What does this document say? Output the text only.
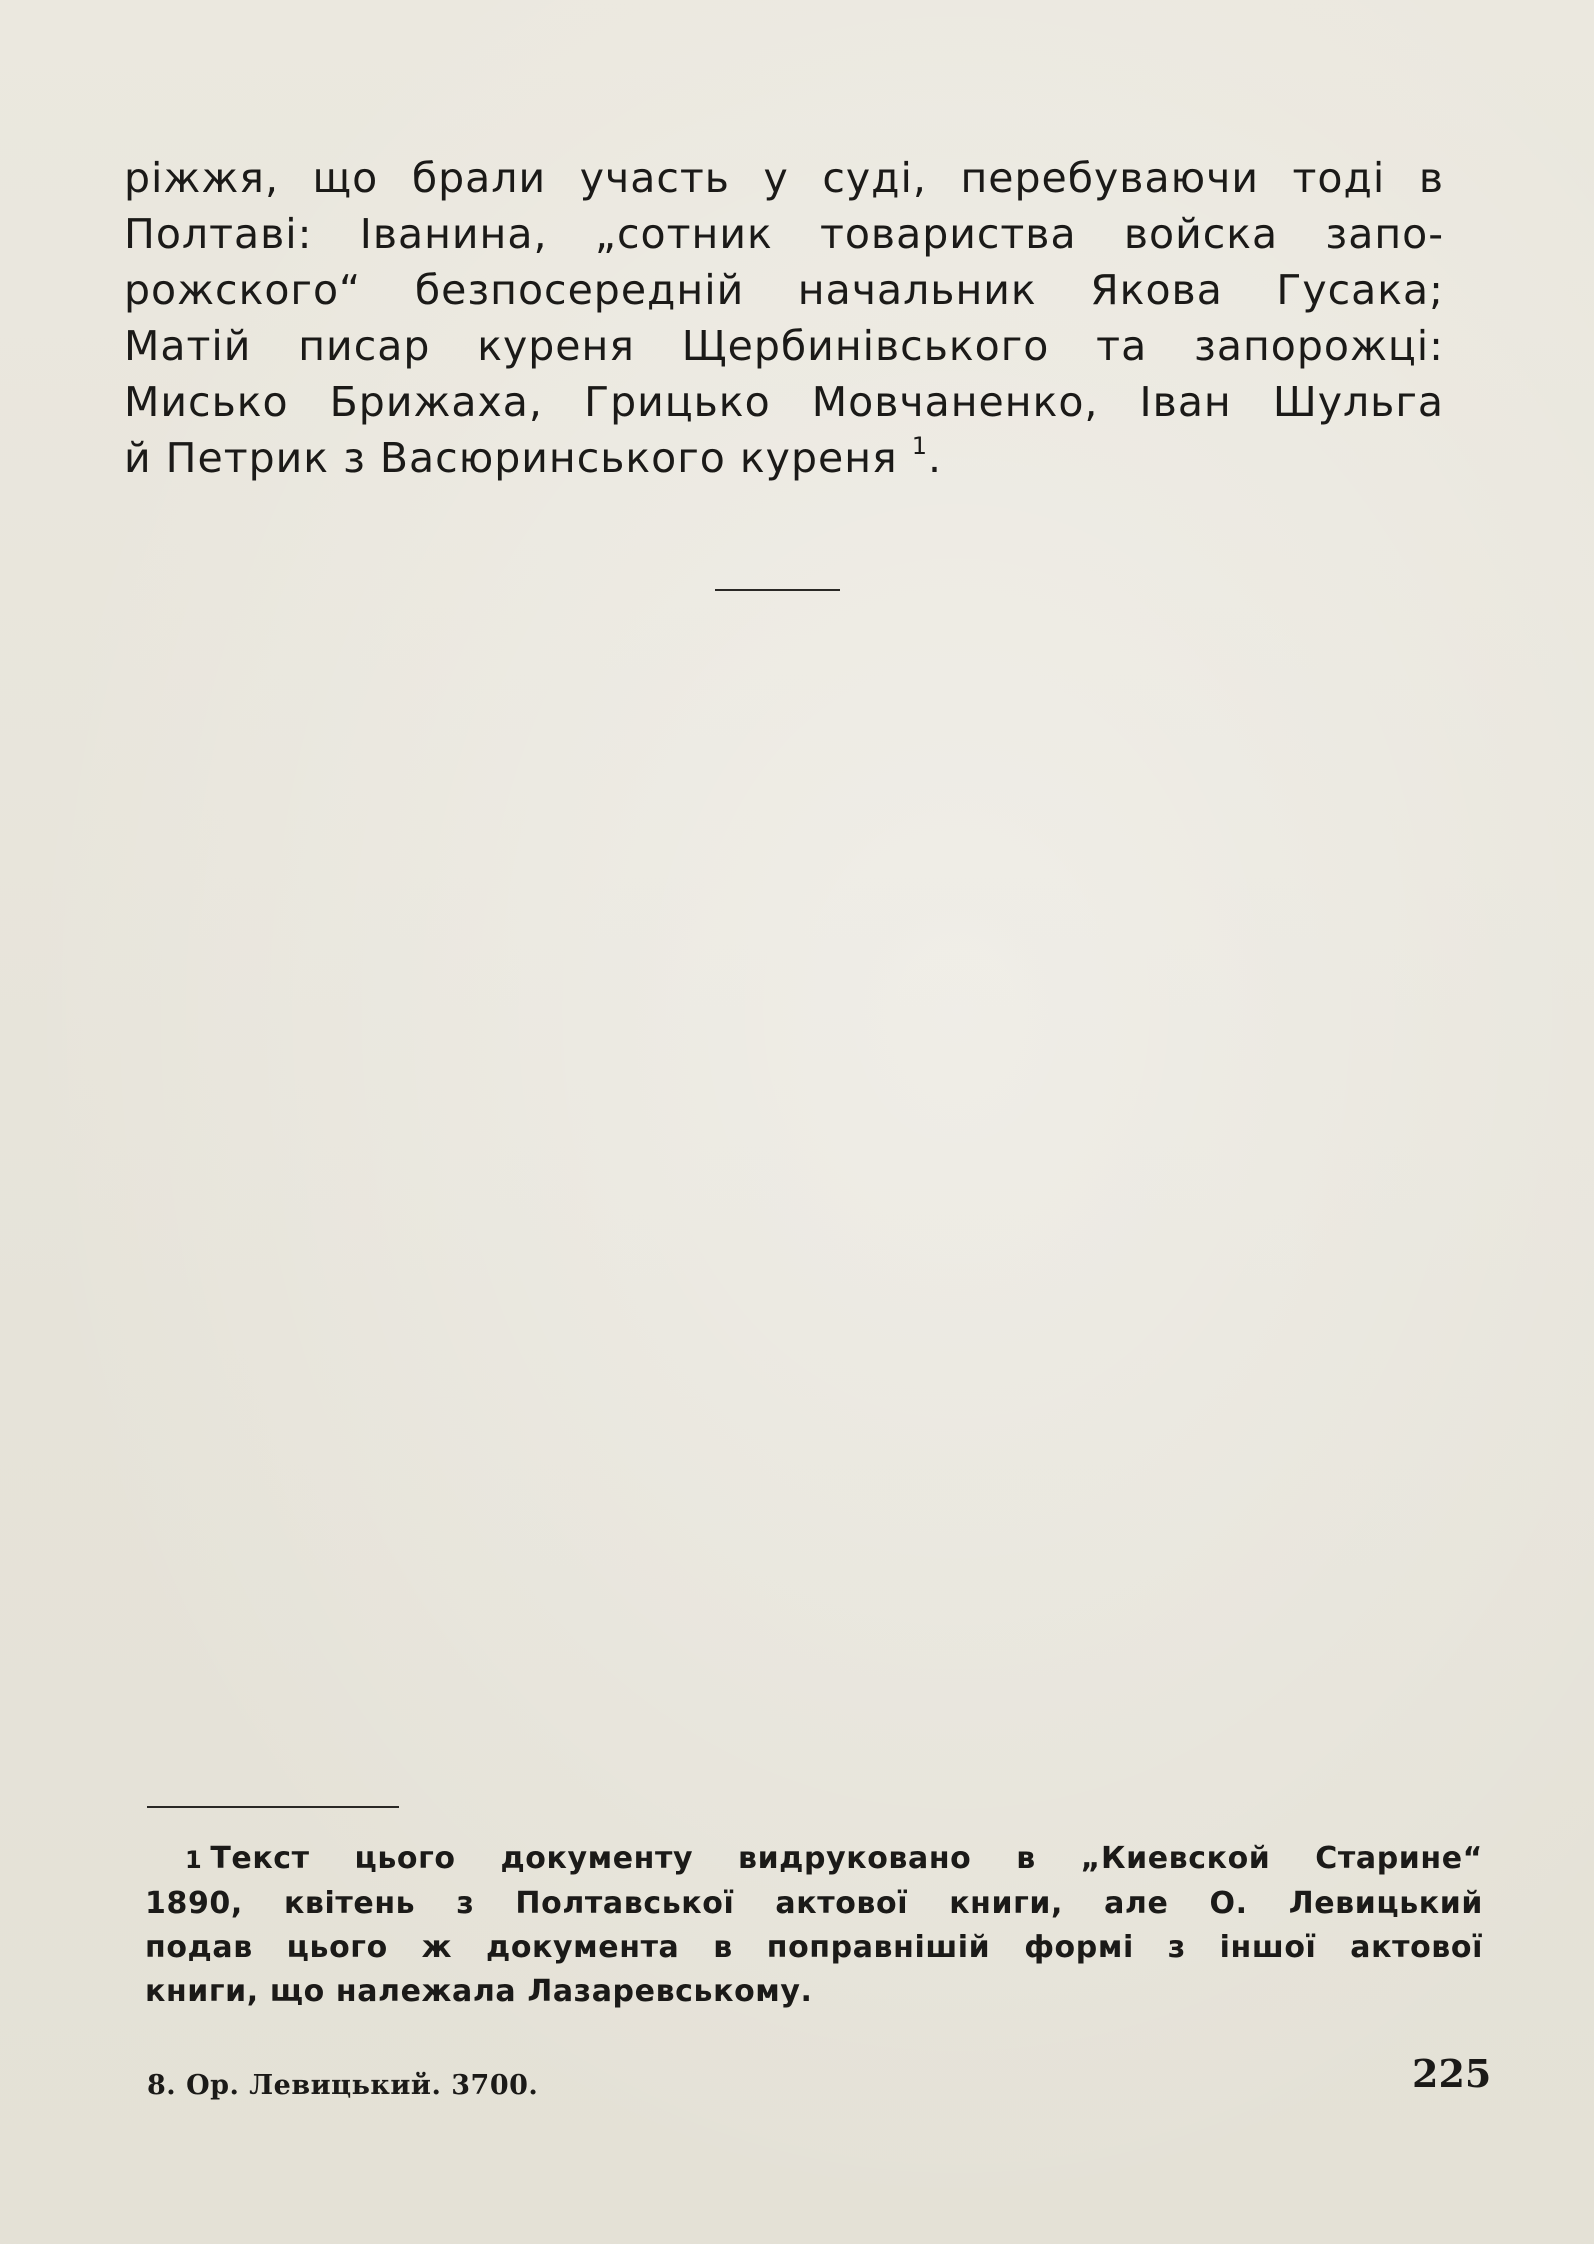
ріжжя, що брали участь у суді, перебуваючи тоді в
Полтаві: Іванина, „сотник товариства войска запо-
рожского“ безпосередній начальник Якова Гусака;
Матій писар куреня Щербинівського та запорожці:
Мисько Брижаха, Грицько Мовчаненко, Іван Шульга
й Петрик з Васюринського куреня $^1$.

1 Текст цього документу видруковано в „Киевской Старине“
1890, квітень з Полтавської актової книги, але О. Левицький
подав цього ж документа в поправнішій формі з іншої актової
книги, що належала Лазаревському.

8. Ор. Левицький. 3700.	225
